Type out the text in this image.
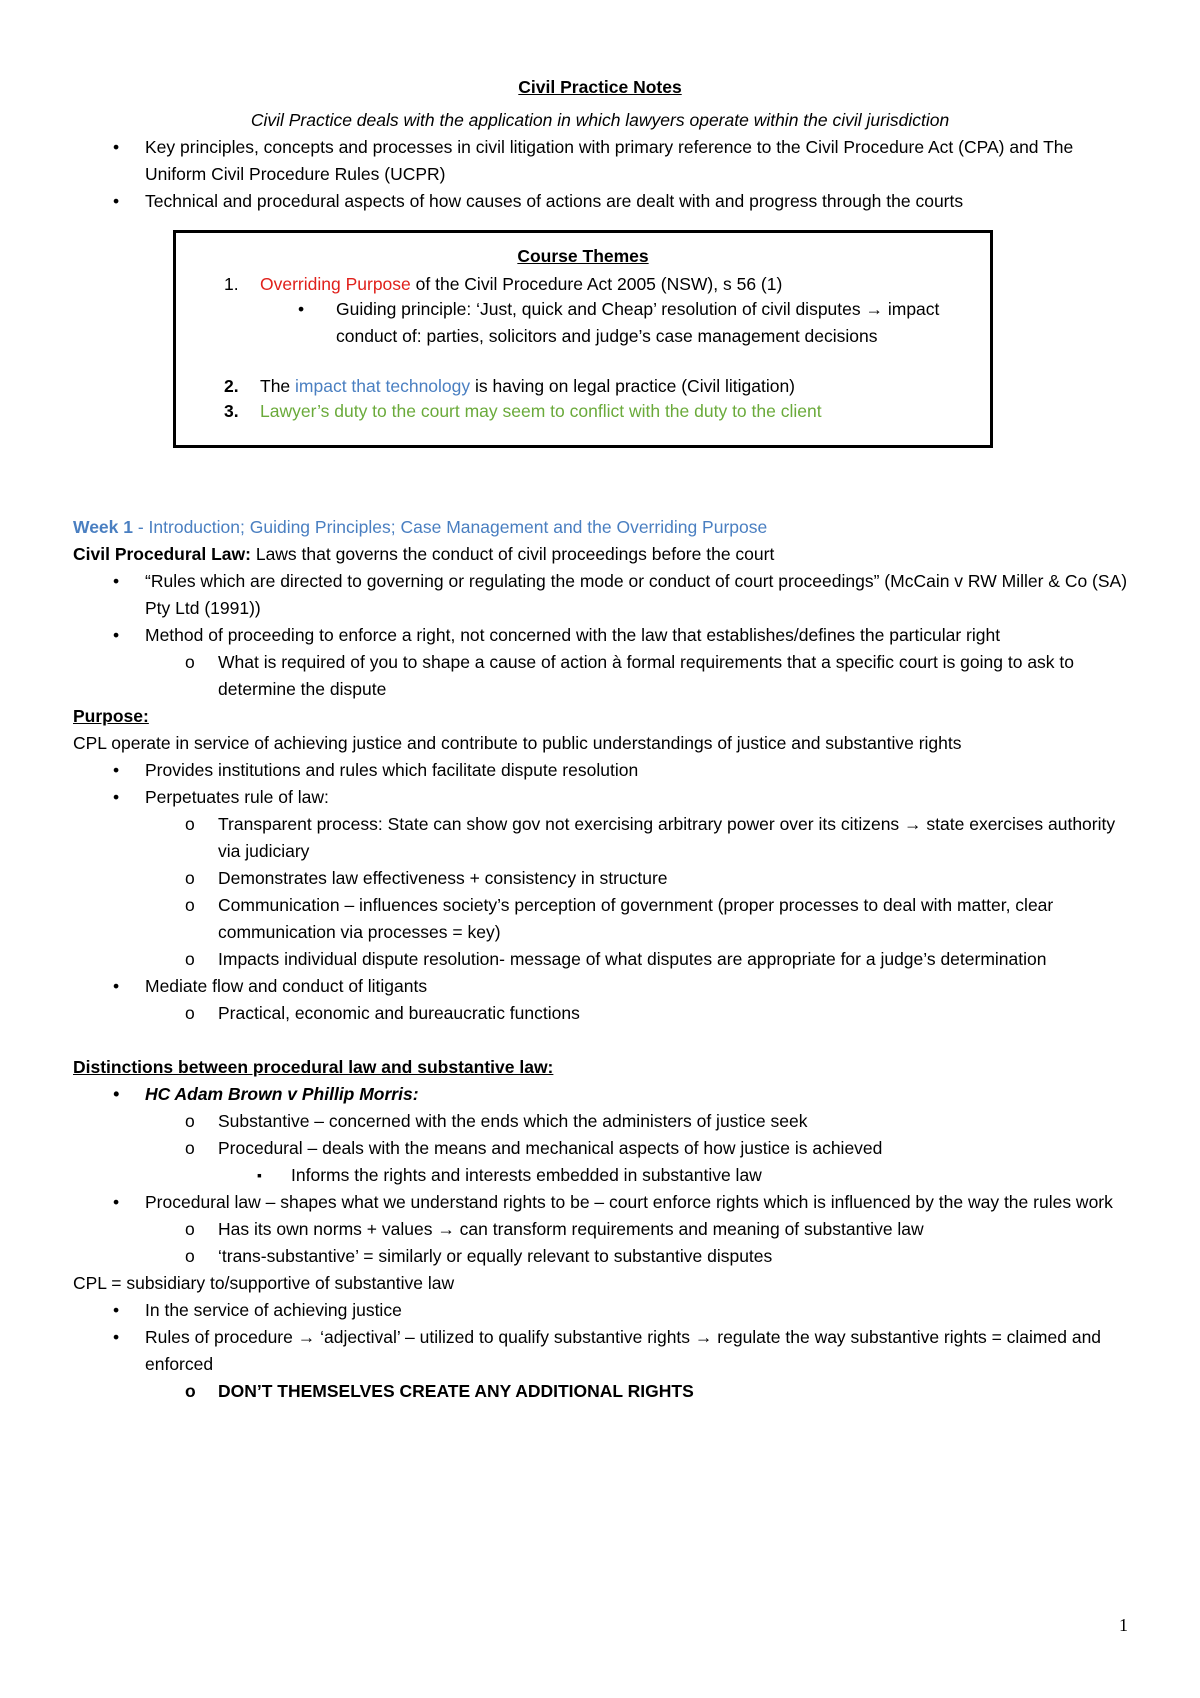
Civil Practice Notes
Civil Practice deals with the application in which lawyers operate within the civil jurisdiction
• Key principles, concepts and processes in civil litigation with primary reference to the Civil Procedure Act (CPA) and The Uniform Civil Procedure Rules (UCPR)
• Technical and procedural aspects of how causes of actions are dealt with and progress through the courts
Course Themes
1. Overriding Purpose of the Civil Procedure Act 2005 (NSW), s 56 (1)
• Guiding principle: ‘Just, quick and Cheap’ resolution of civil disputes → impact conduct of: parties, solicitors and judge’s case management decisions
2. The impact that technology is having on legal practice (Civil litigation)
3. Lawyer’s duty to the court may seem to conflict with the duty to the client
Week 1 - Introduction; Guiding Principles; Case Management and the Overriding Purpose
Civil Procedural Law: Laws that governs the conduct of civil proceedings before the court
• “Rules which are directed to governing or regulating the mode or conduct of court proceedings” (McCain v RW Miller & Co (SA) Pty Ltd (1991))
• Method of proceeding to enforce a right, not concerned with the law that establishes/defines the particular right
o What is required of you to shape a cause of action à formal requirements that a specific court is going to ask to determine the dispute
Purpose:
CPL operate in service of achieving justice and contribute to public understandings of justice and substantive rights
• Provides institutions and rules which facilitate dispute resolution
• Perpetuates rule of law:
o Transparent process: State can show gov not exercising arbitrary power over its citizens → state exercises authority via judiciary
o Demonstrates law effectiveness + consistency in structure
o Communication – influences society’s perception of government (proper processes to deal with matter, clear communication via processes = key)
o Impacts individual dispute resolution- message of what disputes are appropriate for a judge’s determination
• Mediate flow and conduct of litigants
o Practical, economic and bureaucratic functions
Distinctions between procedural law and substantive law:
• HC Adam Brown v Phillip Morris:
o Substantive – concerned with the ends which the administers of justice seek
o Procedural – deals with the means and mechanical aspects of how justice is achieved
▪ Informs the rights and interests embedded in substantive law
• Procedural law – shapes what we understand rights to be – court enforce rights which is influenced by the way the rules work
o Has its own norms + values → can transform requirements and meaning of substantive law
o ‘trans-substantive’ = similarly or equally relevant to substantive disputes
CPL = subsidiary to/supportive of substantive law
• In the service of achieving justice
• Rules of procedure → ‘adjectival’ – utilized to qualify substantive rights → regulate the way substantive rights = claimed and enforced
o DON’T THEMSELVES CREATE ANY ADDITIONAL RIGHTS
1
